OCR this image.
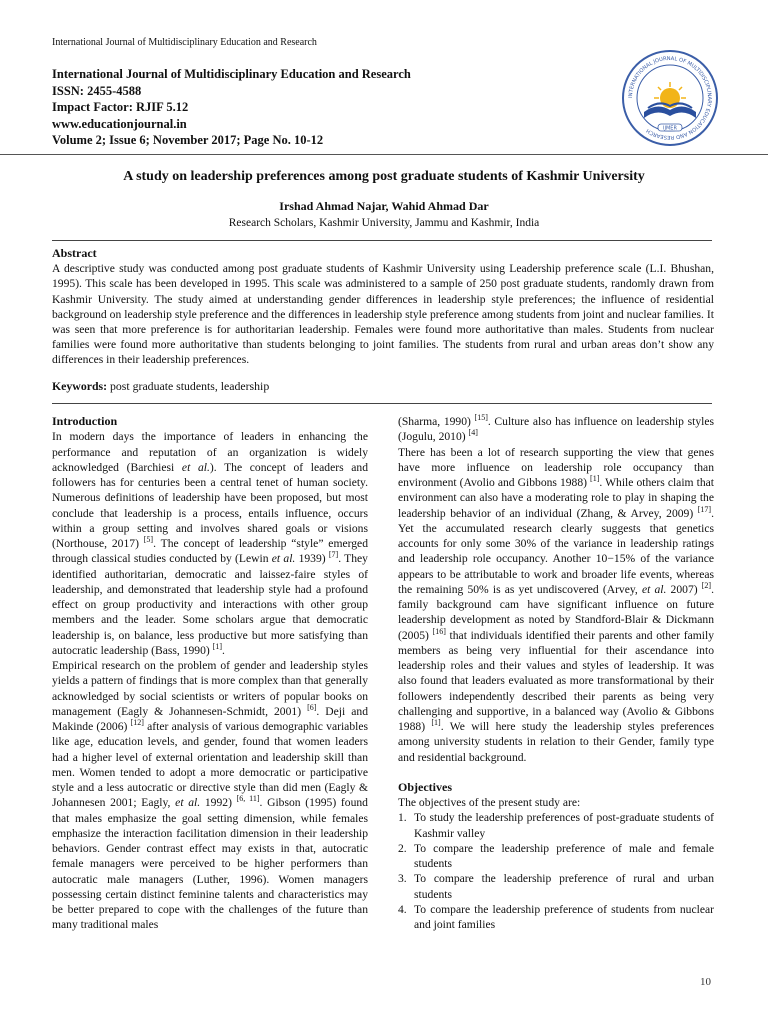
International Journal of Multidisciplinary Education and Research
International Journal of Multidisciplinary Education and Research
ISSN: 2455-4588
Impact Factor: RJIF 5.12
www.educationjournal.in
Volume 2; Issue 6; November 2017; Page No. 10-12
INTERNATIONAL JOURNAL OF MULTIDISCIPLINARY EDUCATION AND RESEARCH	IJMER
A study on leadership preferences among post graduate students of Kashmir University
Irshad Ahmad Najar, Wahid Ahmad Dar
Research Scholars, Kashmir University, Jammu and Kashmir, India
Abstract

A descriptive study was conducted among post graduate students of Kashmir University using Leadership preference scale (L.I. Bhushan, 1995). This scale has been developed in 1995. This scale was administered to a sample of 250 post graduate students, randomly drawn from Kashmir University. The study aimed at understanding gender differences in leadership style preferences; the influence of residential background on leadership style preference and the differences in leadership style preference among students from joint and nuclear families. It was seen that more preference is for authoritarian leadership. Females were found more authoritative than males. Students from nuclear families were found more authoritative than students belonging to joint families. The students from rural and urban areas don’t show any differences in their leadership preferences.

Keywords: post graduate students, leadership
Introduction

In modern days the importance of leaders in enhancing the performance and reputation of an organization is widely acknowledged (Barchiesi et al.). The concept of leaders and followers has for centuries been a central tenet of human society. Numerous definitions of leadership have been proposed, but most conclude that leadership is a process, entails influence, occurs within a group setting and involves shared goals or visions (Northouse, 2017) [5]. The concept of leadership “style” emerged through classical studies conducted by (Lewin et al. 1939) [7]. They identified authoritarian, democratic and laissez-faire styles of leadership, and demonstrated that leadership style had a profound effect on group productivity and interactions with other group members and the leader. Some scholars argue that democratic leadership is, on balance, less productive but more satisfying than autocratic leadership (Bass, 1990) [1].

Empirical research on the problem of gender and leadership styles yields a pattern of findings that is more complex than that generally acknowledged by social scientists or writers of popular books on management (Eagly & Johannesen-Schmidt, 2001) [6]. Deji and Makinde (2006) [12] after analysis of various demographic variables like age, education levels, and gender, found that women leaders had a higher level of external orientation and leadership skill than men. Women tended to adopt a more democratic or participative style and a less autocratic or directive style than did men (Eagly & Johannesen 2001; Eagly, et al. 1992) [6, 11]. Gibson (1995) found that males emphasize the goal setting dimension, while females emphasize the interaction facilitation dimension in their leadership behaviors. Gender contrast effect may exists in that, autocratic female managers were perceived to be higher performers than autocratic male managers (Luther, 1996). Women managers possessing certain distinct feminine talents and characteristics may be better prepared to cope with the challenges of the future than many traditional males

(Sharma, 1990) [15]. Culture also has influence on leadership styles (Jogulu, 2010) [4]

There has been a lot of research supporting the view that genes have more influence on leadership role occupancy than environment (Avolio and Gibbons 1988) [1]. While others claim that environment can also have a moderating role to play in shaping the leadership behavior of an individual (Zhang, & Arvey, 2009) [17]. Yet the accumulated research clearly suggests that genetics accounts for only some 30% of the variance in leadership ratings and leadership role occupancy. Another 10−15% of the variance appears to be attributable to work and broader life events, whereas the remaining 50% is as yet undiscovered (Arvey, et al. 2007) [2]. family background cam have significant influence on future leadership development as noted by Standford-Blair & Dickmann (2005) [16] that individuals identified their parents and other family members as being very influential for their ascendance into leadership roles and their values and styles of leadership. It was also found that leaders evaluated as more transformational by their followers independently described their parents as being very challenging and supportive, in a balanced way (Avolio & Gibbons 1988) [1]. We will here study the leadership styles preferences among university students in relation to their Gender, family type and residential background.

Objectives

The objectives of the present study are:

1. To study the leadership preferences of post-graduate students of Kashmir valley
2. To compare the leadership preference of male and female students
3. To compare the leadership preference of rural and urban students
4. To compare the leadership preference of students from nuclear and joint families
10
